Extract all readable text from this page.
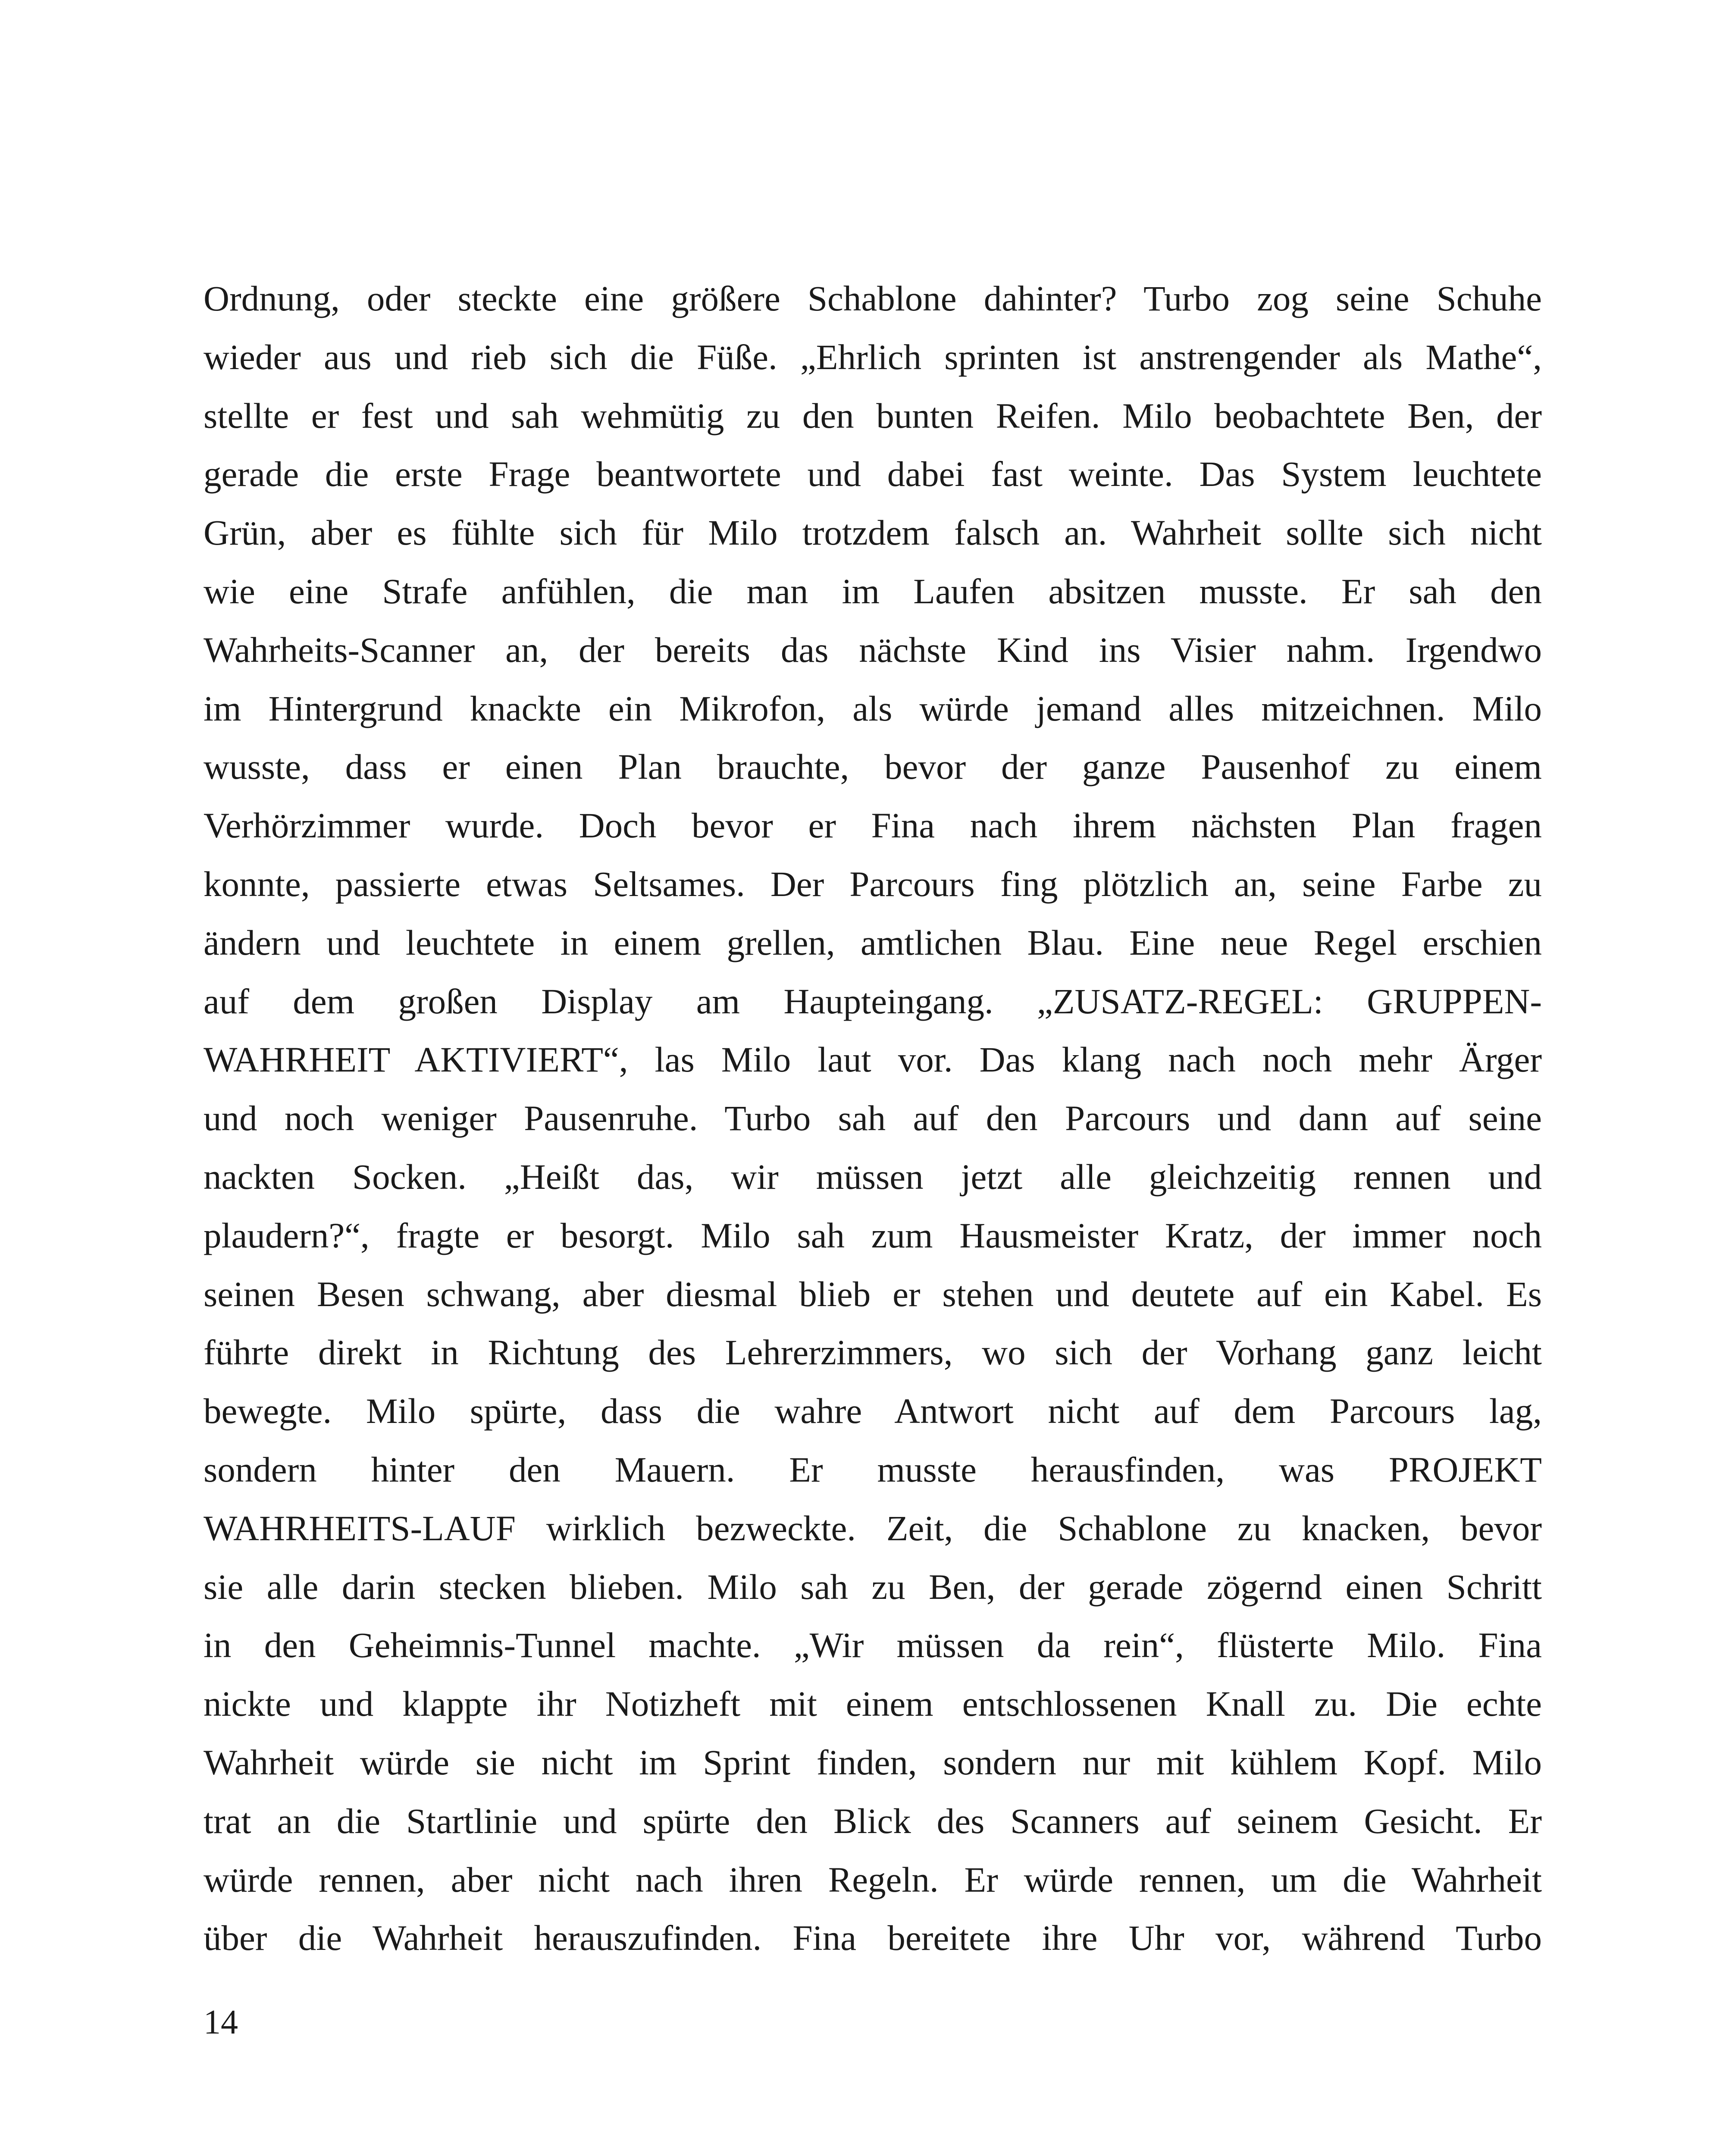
Ordnung, oder steckte eine größere Schablone dahinter? Turbo zog seine Schuhe
wieder aus und rieb sich die Füße. „Ehrlich sprinten ist anstrengender als Mathe“,
stellte er fest und sah wehmütig zu den bunten Reifen. Milo beobachtete Ben, der
gerade die erste Frage beantwortete und dabei fast weinte. Das System leuchtete
Grün, aber es fühlte sich für Milo trotzdem falsch an. Wahrheit sollte sich nicht
wie eine Strafe anfühlen, die man im Laufen absitzen musste. Er sah den
Wahrheits-Scanner an, der bereits das nächste Kind ins Visier nahm. Irgendwo
im Hintergrund knackte ein Mikrofon, als würde jemand alles mitzeichnen. Milo
wusste, dass er einen Plan brauchte, bevor der ganze Pausenhof zu einem
Verhörzimmer wurde. Doch bevor er Fina nach ihrem nächsten Plan fragen
konnte, passierte etwas Seltsames. Der Parcours fing plötzlich an, seine Farbe zu
ändern und leuchtete in einem grellen, amtlichen Blau. Eine neue Regel erschien
auf dem großen Display am Haupteingang. „ZUSATZ-REGEL: GRUPPEN-
WAHRHEIT AKTIVIERT“, las Milo laut vor. Das klang nach noch mehr Ärger
und noch weniger Pausenruhe. Turbo sah auf den Parcours und dann auf seine
nackten Socken. „Heißt das, wir müssen jetzt alle gleichzeitig rennen und
plaudern?“, fragte er besorgt. Milo sah zum Hausmeister Kratz, der immer noch
seinen Besen schwang, aber diesmal blieb er stehen und deutete auf ein Kabel. Es
führte direkt in Richtung des Lehrerzimmers, wo sich der Vorhang ganz leicht
bewegte. Milo spürte, dass die wahre Antwort nicht auf dem Parcours lag,
sondern hinter den Mauern. Er musste herausfinden, was PROJEKT
WAHRHEITS-LAUF wirklich bezweckte. Zeit, die Schablone zu knacken, bevor
sie alle darin stecken blieben. Milo sah zu Ben, der gerade zögernd einen Schritt
in den Geheimnis-Tunnel machte. „Wir müssen da rein“, flüsterte Milo. Fina
nickte und klappte ihr Notizheft mit einem entschlossenen Knall zu. Die echte
Wahrheit würde sie nicht im Sprint finden, sondern nur mit kühlem Kopf. Milo
trat an die Startlinie und spürte den Blick des Scanners auf seinem Gesicht. Er
würde rennen, aber nicht nach ihren Regeln. Er würde rennen, um die Wahrheit
über die Wahrheit herauszufinden. Fina bereitete ihre Uhr vor, während Turbo
14
